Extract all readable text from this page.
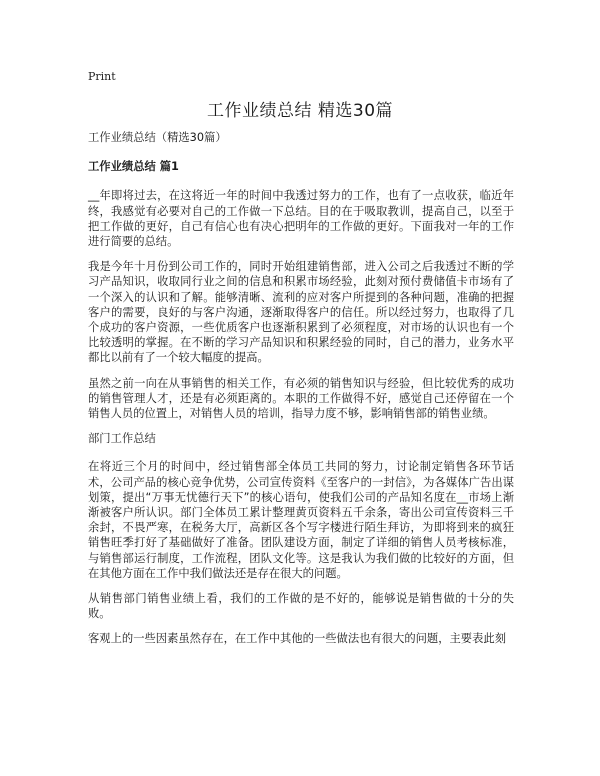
Print
工作业绩总结 精选30篇

工作业绩总结（精选30篇）

工作业绩总结 篇1

__年即将过去，在这将近一年的时间中我透过努力的工作，也有了一点收获，临近年终，我感觉有必要对自己的工作做一下总结。目的在于吸取教训，提高自己，以至于把工作做的更好，自己有信心也有决心把明年的工作做的更好。下面我对一年的工作进行简要的总结。

我是今年十月份到公司工作的，同时开始组建销售部，进入公司之后我透过不断的学习产品知识，收取同行业之间的信息和积累市场经验，此刻对预付费储值卡市场有了一个深入的认识和了解。能够清晰、流利的应对客户所提到的各种问题，准确的把握客户的需要，良好的与客户沟通，逐渐取得客户的信任。所以经过努力，也取得了几个成功的客户资源，一些优质客户也逐渐积累到了必须程度，对市场的认识也有一个比较透明的掌握。在不断的学习产品知识和积累经验的同时，自己的潜力，业务水平都比以前有了一个较大幅度的提高。

虽然之前一向在从事销售的相关工作，有必须的销售知识与经验，但比较优秀的成功的销售管理人才，还是有必须距离的。本职的工作做得不好，感觉自己还停留在一个销售人员的位置上，对销售人员的培训，指导力度不够，影响销售部的销售业绩。

部门工作总结

在将近三个月的时间中，经过销售部全体员工共同的努力，讨论制定销售各环节话术，公司产品的核心竞争优势，公司宣传资料《至客户的一封信》，为各媒体广告出谋划策，提出“万事无忧德行天下”的核心语句，使我们公司的产品知名度在__市场上渐渐被客户所认识。部门全体员工累计整理黄页资料五千余条，寄出公司宣传资料三千余封，不畏严寒，在税务大厅，高新区各个写字楼进行陌生拜访，为即将到来的疯狂销售旺季打好了基础做好了准备。团队建设方面，制定了详细的销售人员考核标准，与销售部运行制度，工作流程，团队文化等。这是我认为我们做的比较好的方面，但在其他方面在工作中我们做法还是存在很大的问题。

从销售部门销售业绩上看，我们的工作做的是不好的，能够说是销售做的十分的失败。

客观上的一些因素虽然存在，在工作中其他的一些做法也有很大的问题，主要表此刻
